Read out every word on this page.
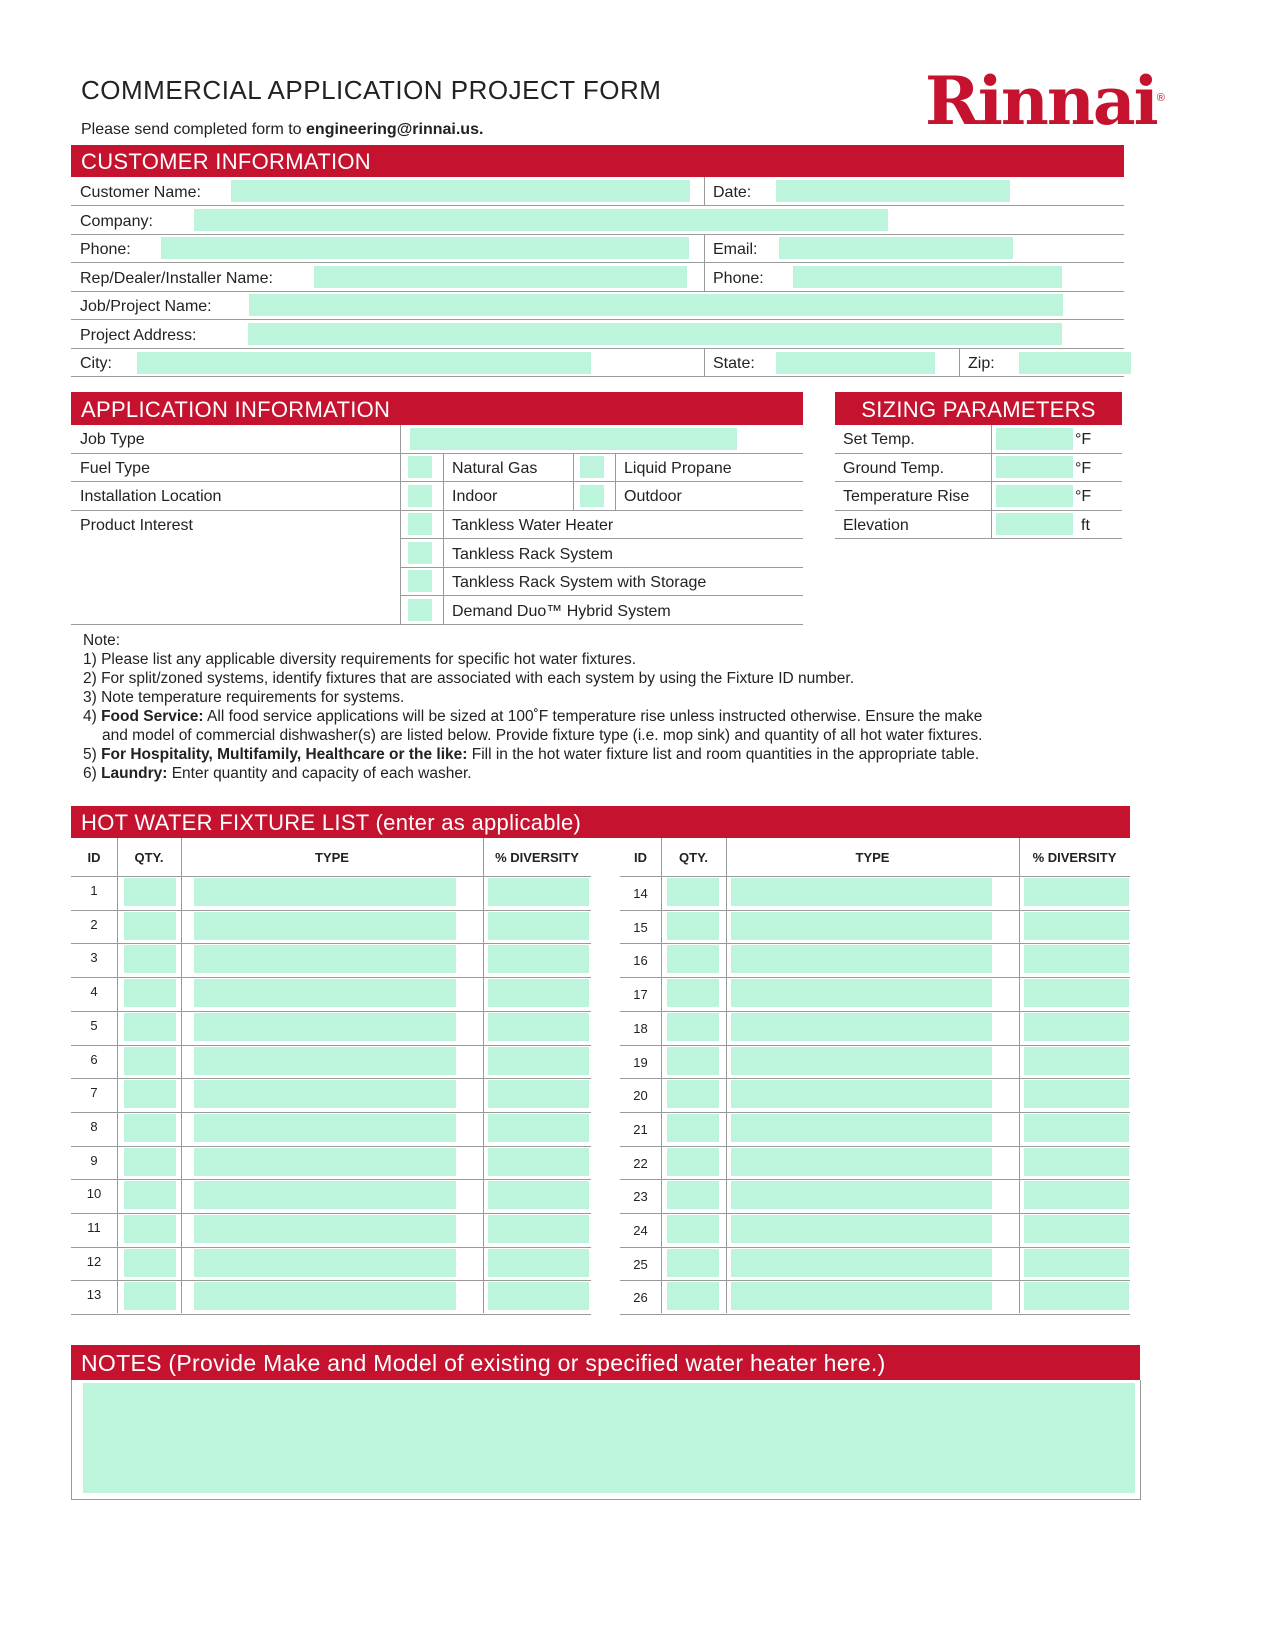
COMMERCIAL APPLICATION PROJECT FORM
Please send completed form to engineering@rinnai.us.	Rinnai®
CUSTOMER INFORMATION
Customer Name:	Date:
Company:
Phone:	Email:
Rep/Dealer/Installer Name:	Phone:
Job/Project Name:
Project Address:
City:	State:	Zip:
APPLICATION INFORMATION
Job Type
Fuel Type	Natural Gas	Liquid Propane
Installation Location	Indoor	Outdoor
Product Interest	Tankless Water Heater
Tankless Rack System
Tankless Rack System with Storage
Demand Duo™ Hybrid System
SIZING PARAMETERS
Set Temp.	°F
Ground Temp.	°F
Temperature Rise	°F
Elevation	ft
Note:
1) Please list any applicable diversity requirements for specific hot water fixtures.
2) For split/zoned systems, identify fixtures that are associated with each system by using the Fixture ID number.
3) Note temperature requirements for systems.
4) Food Service: All food service applications will be sized at 100˚F temperature rise unless instructed otherwise. Ensure the make
and model of commercial dishwasher(s) are listed below. Provide fixture type (i.e. mop sink) and quantity of all hot water fixtures.
5) For Hospitality, Multifamily, Healthcare or the like: Fill in the hot water fixture list and room quantities in the appropriate table.
6) Laundry: Enter quantity and capacity of each washer.
HOT WATER FIXTURE LIST (enter as applicable)
ID	QTY.	TYPE	% DIVERSITY	ID	QTY.	TYPE	% DIVERSITY
1
2
3
4
5
6
7
8
9
10
11
12
13
14
15
16
17
18
19
20
21
22
23
24
25
26
NOTES (Provide Make and Model of existing or specified water heater here.)
